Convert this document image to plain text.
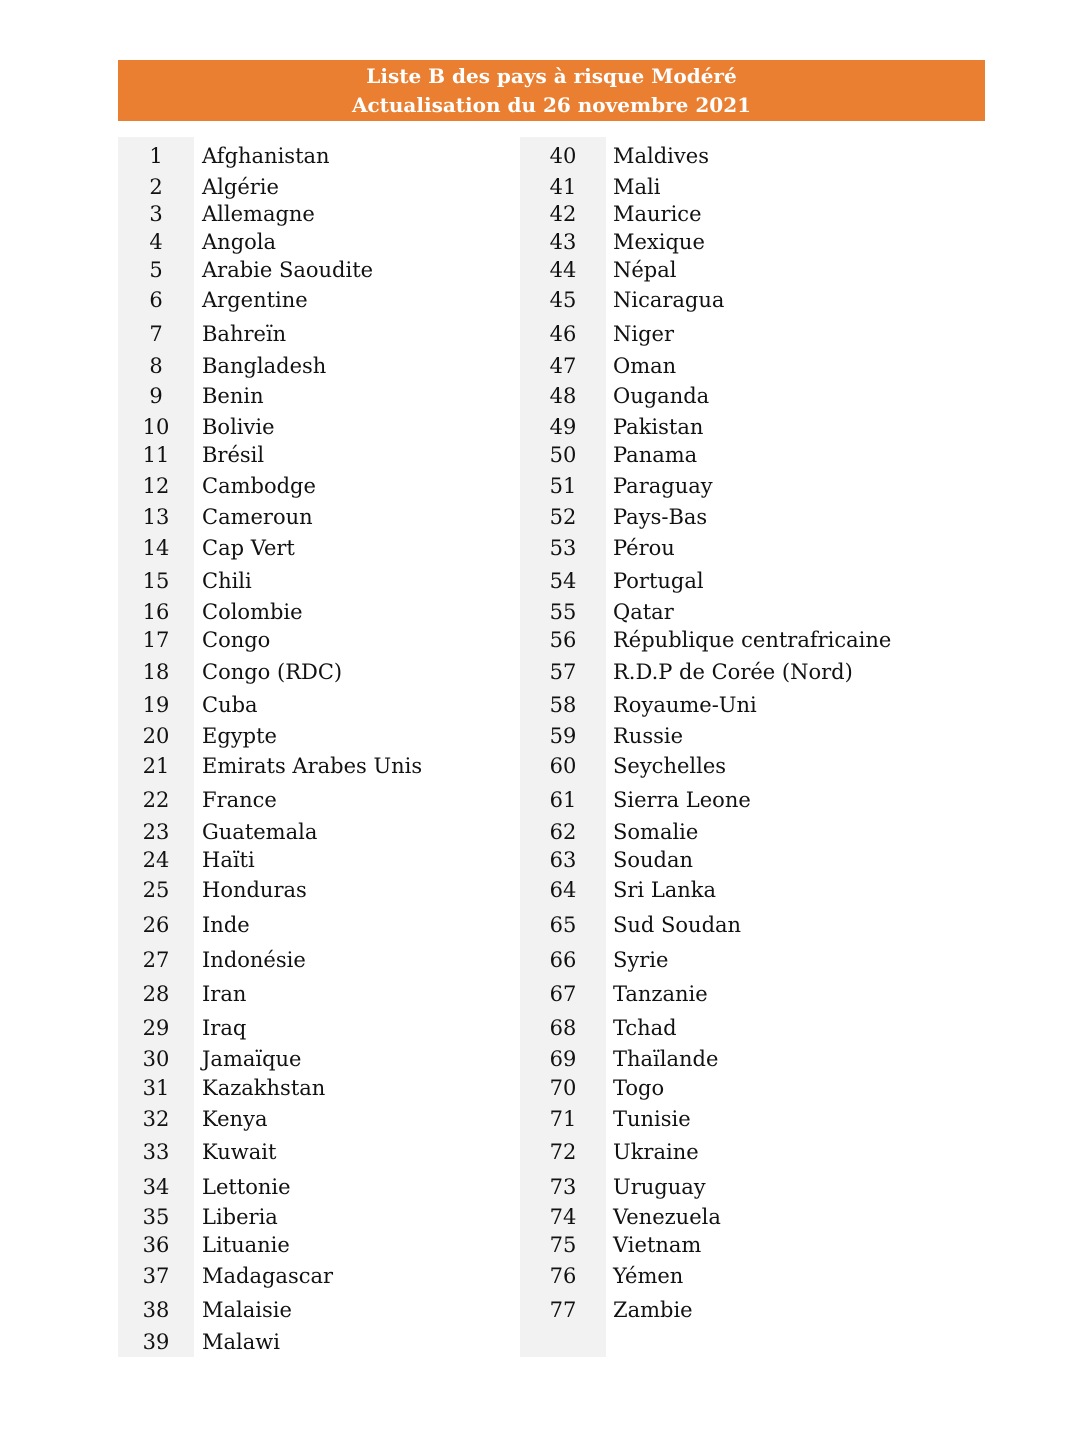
Liste B des pays à risque Modéré
Actualisation du 26 novembre 2021
1	Afghanistan
2	Algérie
3	Allemagne
4	Angola
5	Arabie Saoudite
6	Argentine
7	Bahreïn
8	Bangladesh
9	Benin
10	Bolivie
11	Brésil
12	Cambodge
13	Cameroun
14	Cap Vert
15	Chili
16	Colombie
17	Congo
18	Congo (RDC)
19	Cuba
20	Egypte
21	Emirats Arabes Unis
22	France
23	Guatemala
24	Haïti
25	Honduras
26	Inde
27	Indonésie
28	Iran
29	Iraq
30	Jamaïque
31	Kazakhstan
32	Kenya
33	Kuwait
34	Lettonie
35	Liberia
36	Lituanie
37	Madagascar
38	Malaisie
39	Malawi
40	Maldives
41	Mali
42	Maurice
43	Mexique
44	Népal
45	Nicaragua
46	Niger
47	Oman
48	Ouganda
49	Pakistan
50	Panama
51	Paraguay
52	Pays-Bas
53	Pérou
54	Portugal
55	Qatar
56	République centrafricaine
57	R.D.P de Corée (Nord)
58	Royaume-Uni
59	Russie
60	Seychelles
61	Sierra Leone
62	Somalie
63	Soudan
64	Sri Lanka
65	Sud Soudan
66	Syrie
67	Tanzanie
68	Tchad
69	Thaïlande
70	Togo
71	Tunisie
72	Ukraine
73	Uruguay
74	Venezuela
75	Vietnam
76	Yémen
77	Zambie
